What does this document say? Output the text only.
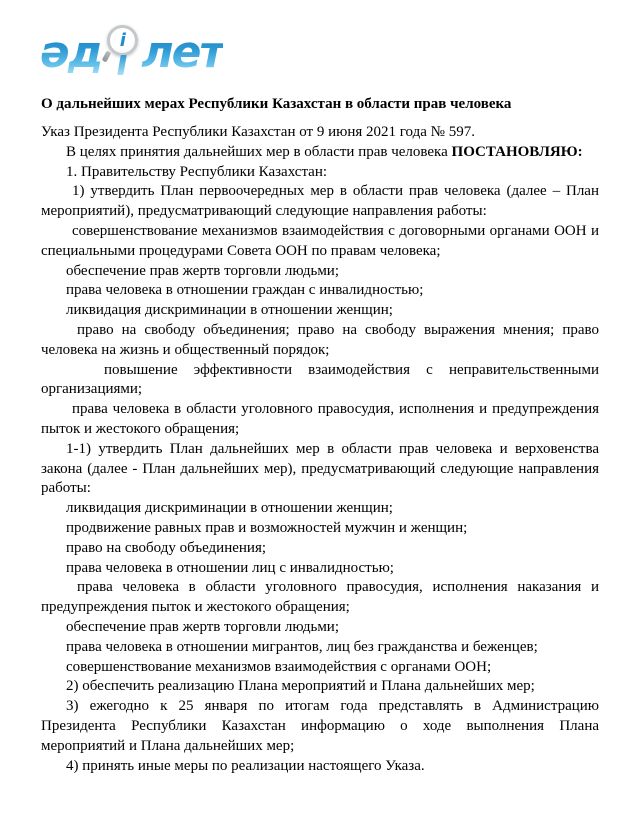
әд і лет
О дальнейших мерах Республики Казахстан в области прав человека

Указ Президента Республики Казахстан от 9 июня 2021 года № 597.

В целях принятия дальнейших мер в области прав человека ПОСТАНОВЛЯЮ:

1. Правительству Республики Казахстан:

1) утвердить План первоочередных мер в области прав человека (далее – План мероприятий), предусматривающий следующие направления работы:

совершенствование механизмов взаимодействия с договорными органами ООН и специальными процедурами Совета ООН по правам человека;

обеспечение прав жертв торговли людьми;

права человека в отношении граждан с инвалидностью;

ликвидация дискриминации в отношении женщин;

право на свободу объединения; право на свободу выражения мнения; право человека на жизнь и общественный порядок;

повышение эффективности взаимодействия с неправительственными организациями;

права человека в области уголовного правосудия, исполнения и предупреждения пыток и жестокого обращения;

1-1) утвердить План дальнейших мер в области прав человека и верховенства закона (далее - План дальнейших мер), предусматривающий следующие направления работы:

ликвидация дискриминации в отношении женщин;

продвижение равных прав и возможностей мужчин и женщин;

право на свободу объединения;

права человека в отношении лиц с инвалидностью;

права человека в области уголовного правосудия, исполнения наказания и предупреждения пыток и жестокого обращения;

обеспечение прав жертв торговли людьми;

права человека в отношении мигрантов, лиц без гражданства и беженцев;

совершенствование механизмов взаимодействия с органами ООН;

2) обеспечить реализацию Плана мероприятий и Плана дальнейших мер;

3) ежегодно к 25 января по итогам года представлять в Администрацию Президента Республики Казахстан информацию о ходе выполнения Плана мероприятий и Плана дальнейших мер;

4) принять иные меры по реализации настоящего Указа.
